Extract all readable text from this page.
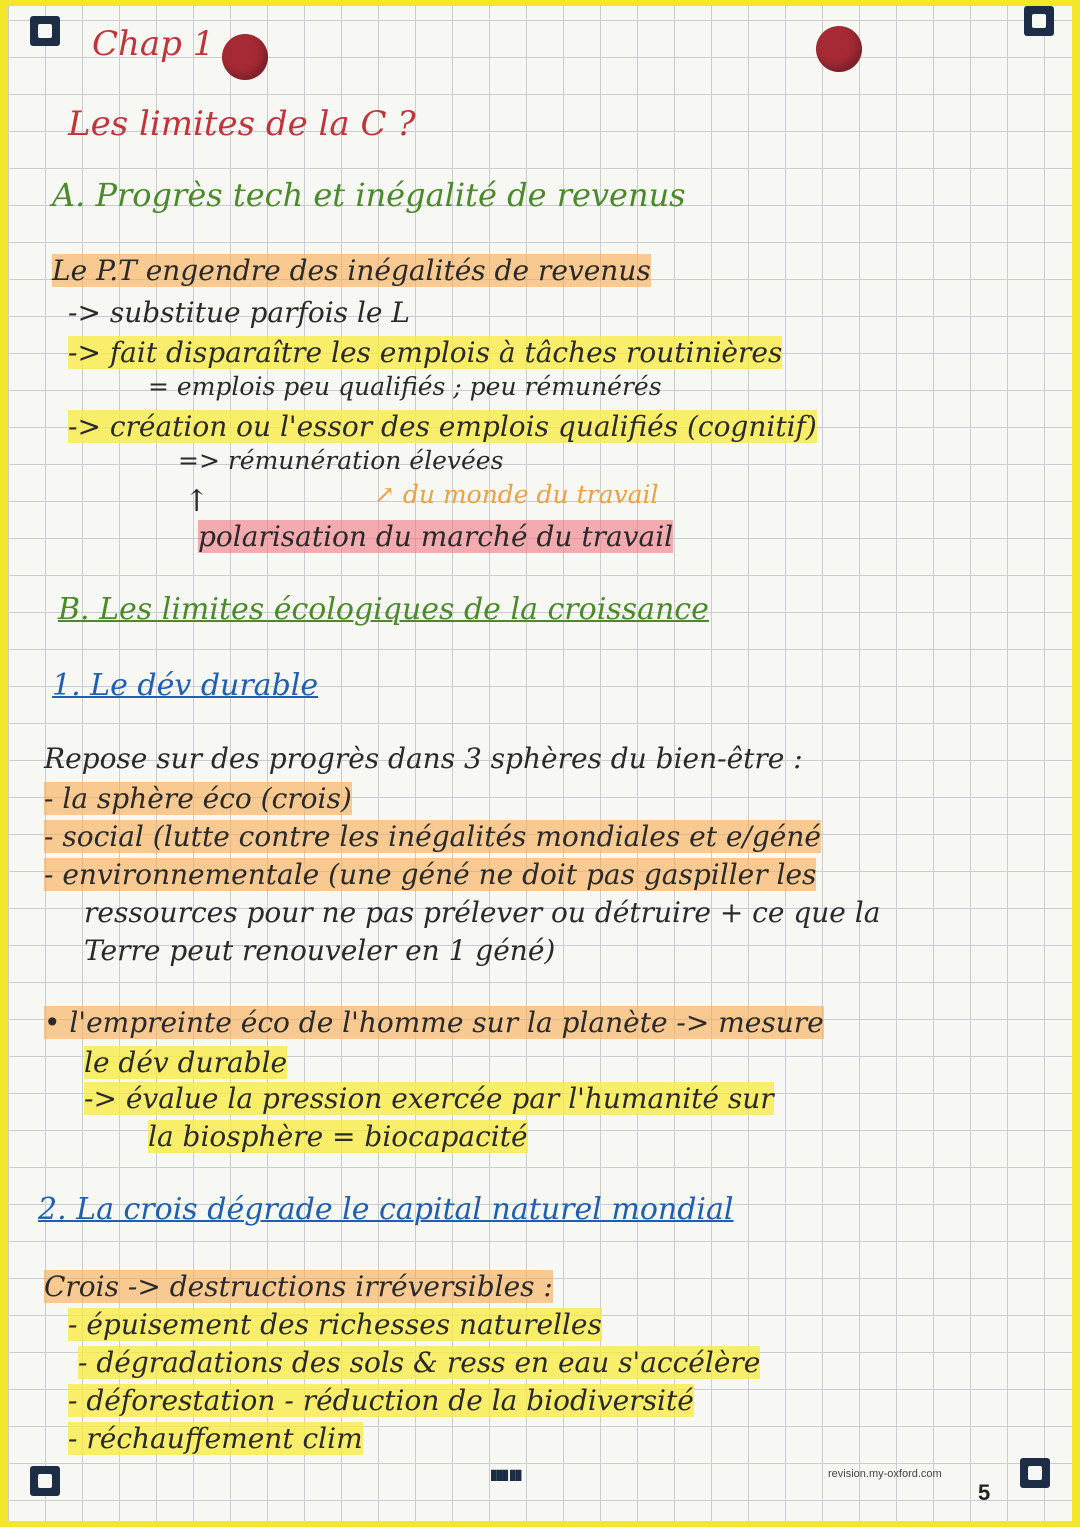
Chap 1
Les limites de la C ?
A. Progrès tech et inégalité de revenus
Le P.T engendre des inégalités de revenus
-> substitue parfois le L
-> fait disparaître les emplois à tâches routinières
= emplois peu qualifiés ; peu rémunérés
-> création ou l'essor des emplois qualifiés (cognitif)
=> rémunération élevées
↗ du monde du travail
↑
polarisation du marché du travail
B. Les limites écologiques de la croissance
1. Le dév durable
Repose sur des progrès dans 3 sphères du bien-être :
- la sphère éco (crois)
- social (lutte contre les inégalités mondiales et e/géné
- environnementale (une géné ne doit pas gaspiller les
ressources pour ne pas prélever ou détruire + ce que la
Terre peut renouveler en 1 géné)
• l'empreinte éco de l'homme sur la planète -> mesure
le dév durable
-> évalue la pression exercée par l'humanité sur
la biosphère = biocapacité
2. La crois dégrade le capital naturel mondial
Crois -> destructions irréversibles :
- épuisement des richesses naturelles
- dégradations des sols & ress en eau s'accélère
- déforestation - réduction de la biodiversité
- réchauffement clim
▮▮▮ ▮▮	revision.my-oxford.com
5
